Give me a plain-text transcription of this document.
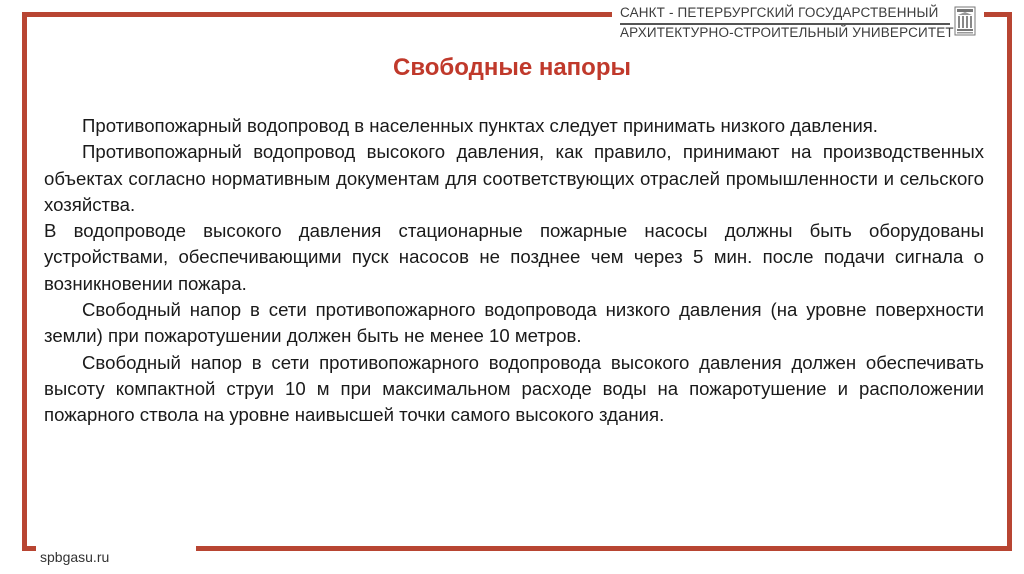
САНКТ - ПЕТЕРБУРГСКИЙ ГОСУДАРСТВЕННЫЙ
АРХИТЕКТУРНО-СТРОИТЕЛЬНЫЙ УНИВЕРСИТЕТ
Свободные напоры

Противопожарный водопровод в населенных пунктах следует принимать низкого давления.

Противопожарный водопровод высокого давления, как правило, принимают на производственных объектах согласно нормативным документам для соответствующих отраслей промышленности и сельского хозяйства.

В водопроводе высокого давления стационарные пожарные насосы должны быть оборудованы устройствами, обеспечивающими пуск насосов не позднее чем через 5 мин. после подачи сигнала о возникновении пожара.

Свободный напор в сети противопожарного водопровода низкого давления (на уровне поверхности земли) при пожаротушении должен быть не менее 10 метров.

Свободный напор в сети противопожарного водопровода высокого давления должен обеспечивать высоту компактной струи 10 м при максимальном расходе воды на пожаротушение и расположении пожарного ствола на уровне наивысшей точки самого высокого здания.

spbgasu.ru
